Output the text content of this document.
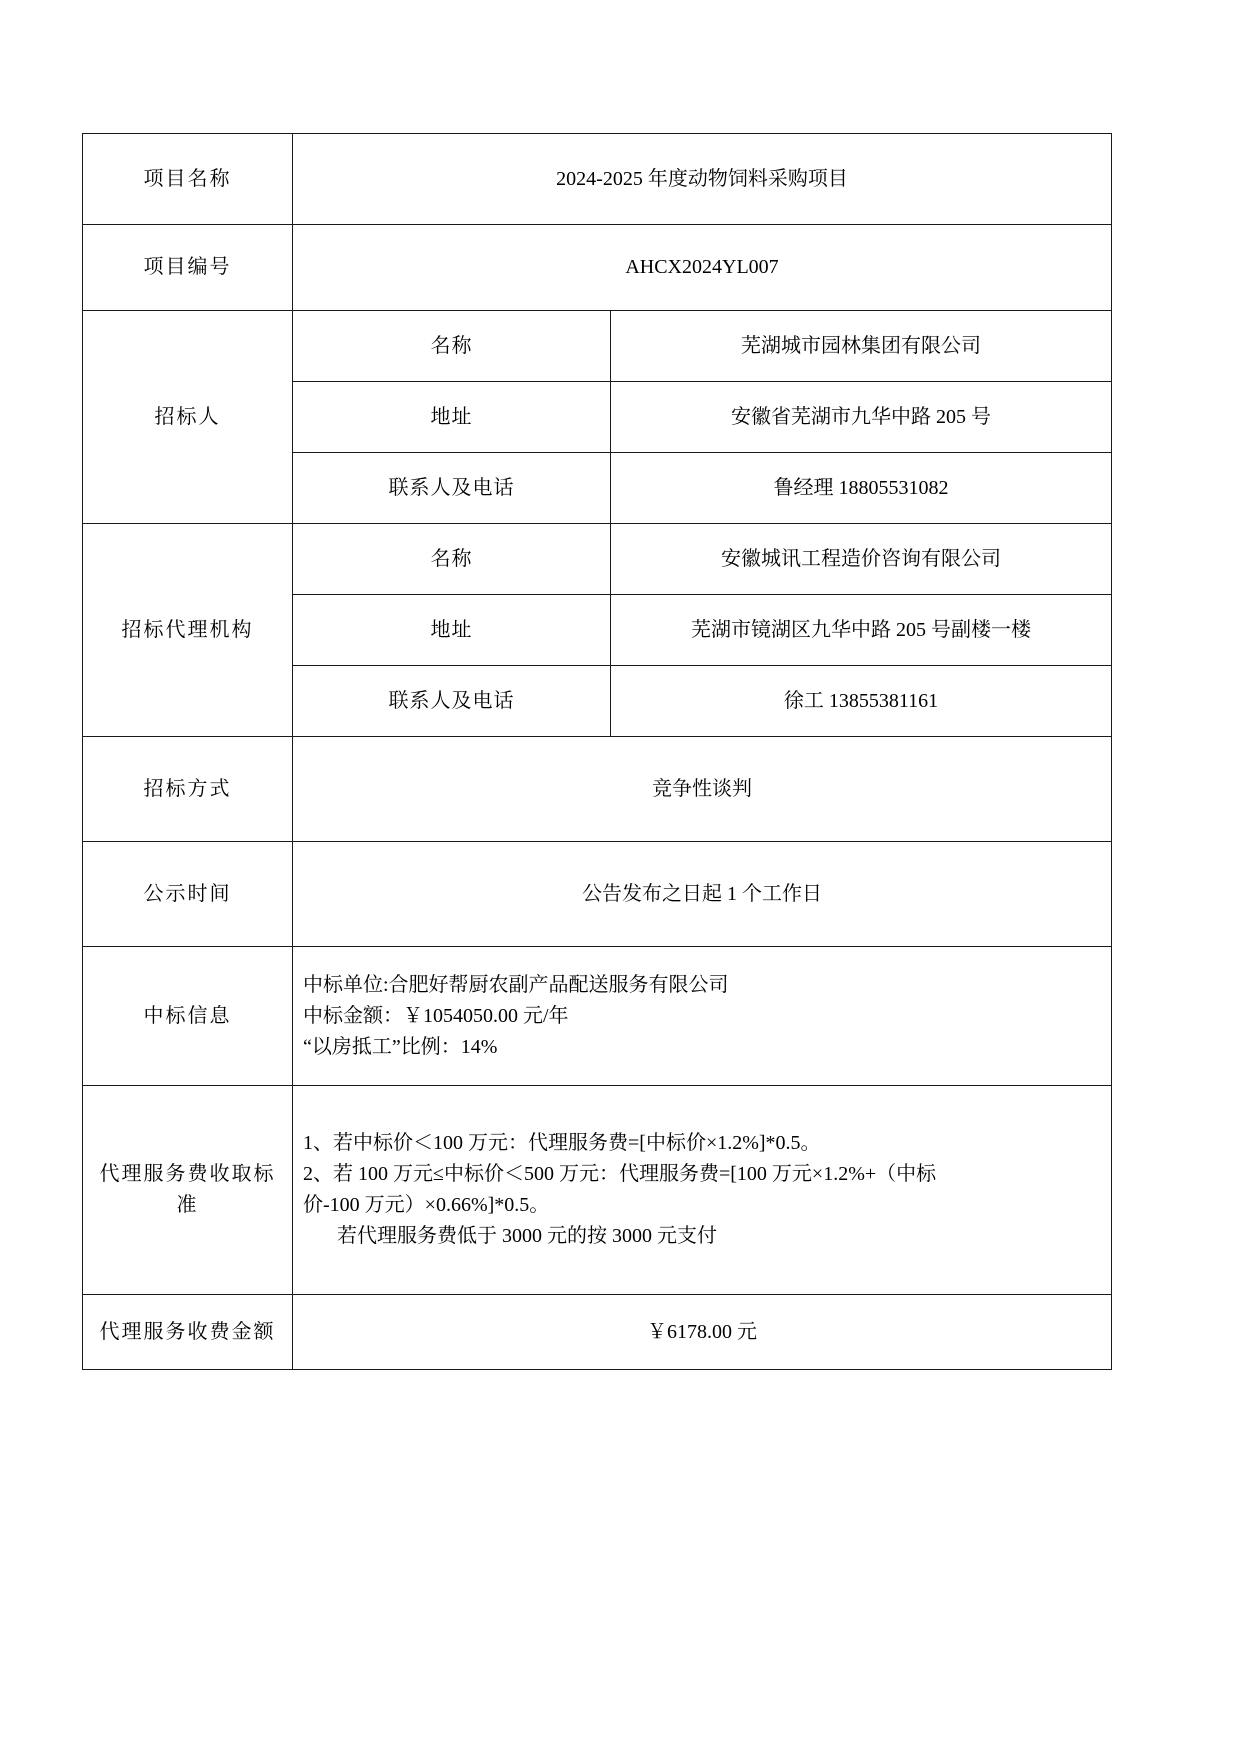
项目名称	2024-2025 年度动物饲料采购项目	
项目编号	AHCX2024YL007	
招标人	名称	芜湖城市园林集团有限公司
	地址	安徽省芜湖市九华中路 205 号
	联系人及电话	鲁经理 18805531082
招标代理机构	名称	安徽城讯工程造价咨询有限公司
	地址	芜湖市镜湖区九华中路 205 号副楼一楼
	联系人及电话	徐工 13855381161
招标方式	竞争性谈判	
公示时间	公告发布之日起 1 个工作日	
中标信息	中标单位:合肥好帮厨农副产品配送服务有限公司
中标金额：￥1054050.00 元/年
“以房抵工”比例：14%	

代理服务费收取标准	1、若中标价＜100 万元：代理服务费=[中标价×1.2%]*0.5。
2、若 100 万元≤中标价＜500 万元：代理服务费=[100 万元×1.2%+（中标
价-100 万元）×0.66%]*0.5。
若代理服务费低于 3000 元的按 3000 元支付	

代理服务收费金额	￥6178.00 元	
